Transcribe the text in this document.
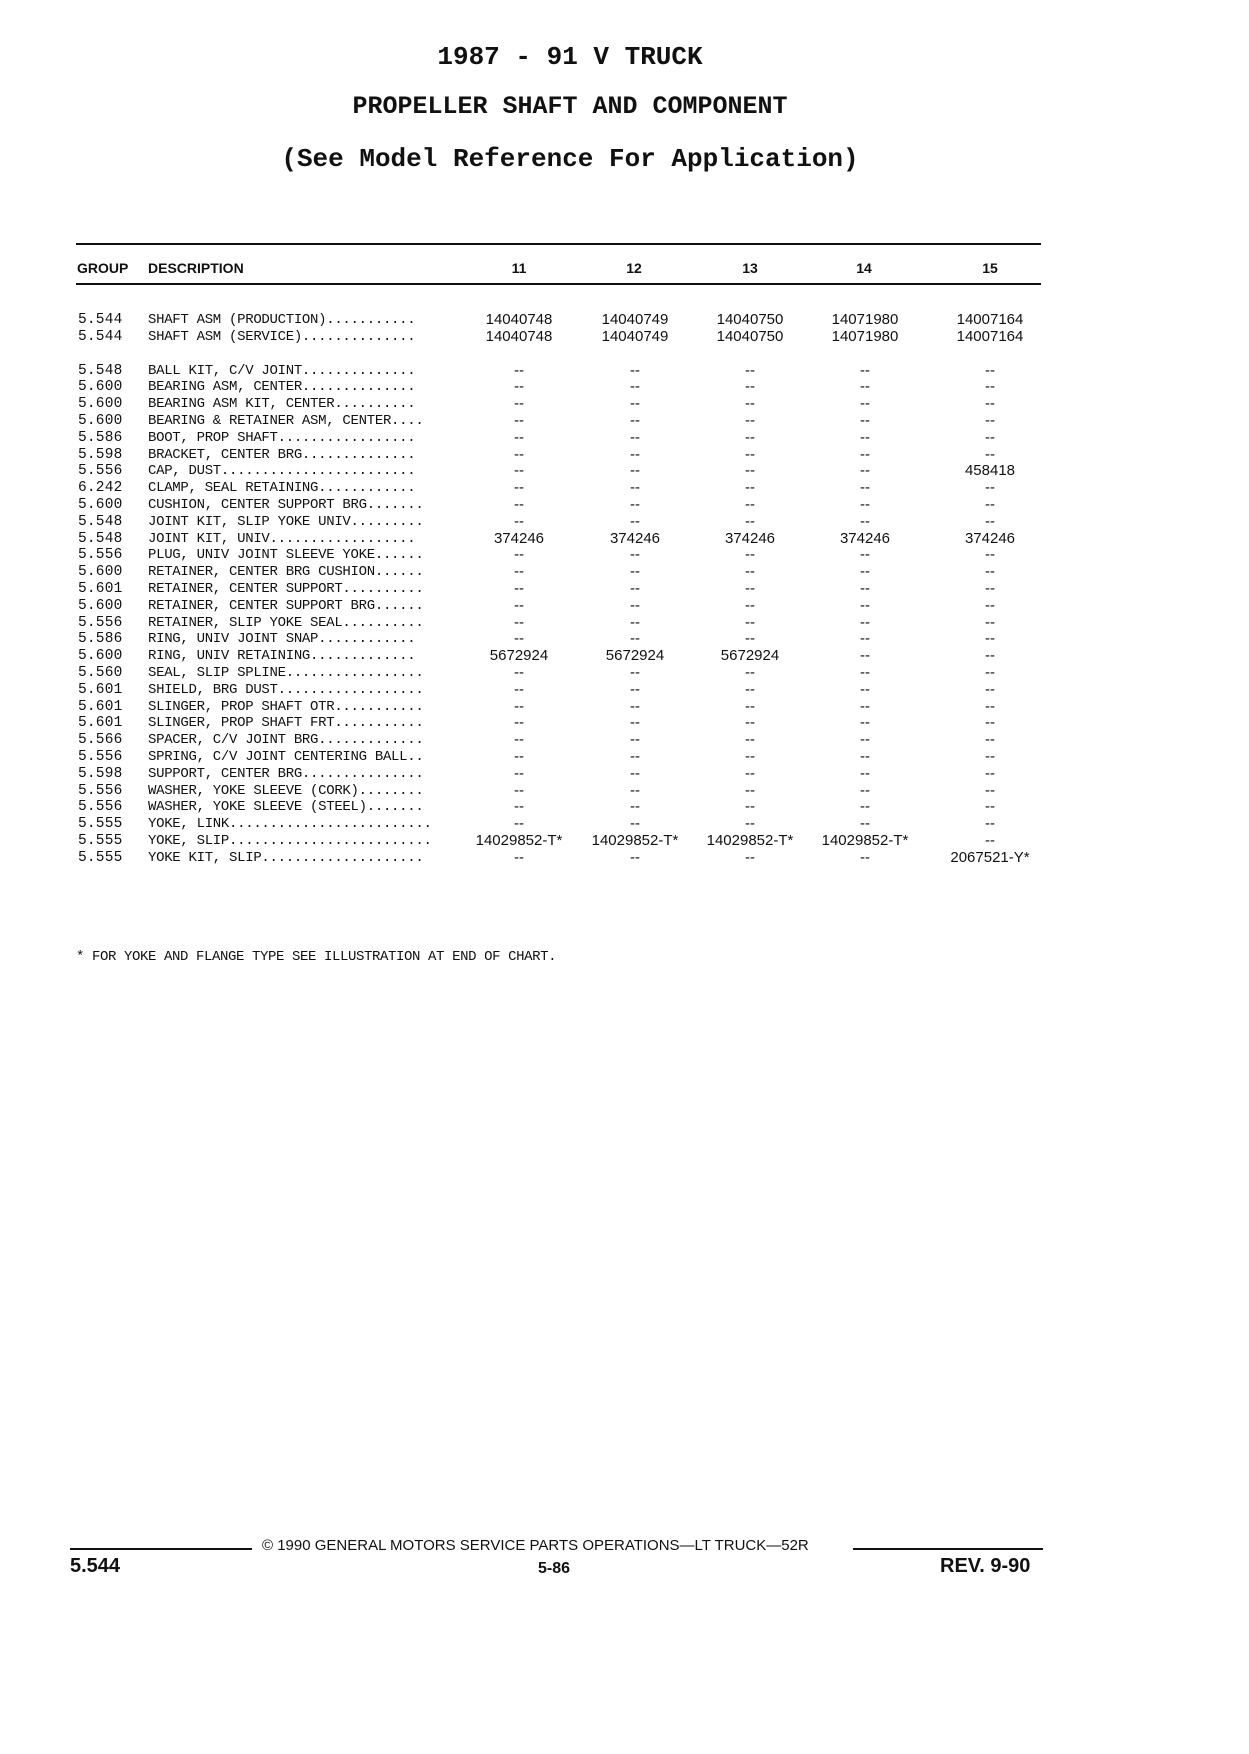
1987 - 91 V TRUCK
PROPELLER SHAFT AND COMPONENT
(See Model Reference For Application)
GROUP DESCRIPTION	11	12	13	14	15
5.544 SHAFT ASM (PRODUCTION)...........	14040748	14040749	14040750	14071980	14007164
5.544 SHAFT ASM (SERVICE)..............	14040748	14040749	14040750	14071980	14007164
5.548 BALL KIT, C/V JOINT..............	--	--	--	--	--
5.600 BEARING ASM, CENTER..............	--	--	--	--	--
5.600 BEARING ASM KIT, CENTER..........	--	--	--	--	--
5.600 BEARING & RETAINER ASM, CENTER....	--	--	--	--	--
5.586 BOOT, PROP SHAFT.................	--	--	--	--	--
5.598 BRACKET, CENTER BRG..............	--	--	--	--	--
5.556 CAP, DUST........................	--	--	--	--	458418
6.242 CLAMP, SEAL RETAINING............	--	--	--	--	--
5.600 CUSHION, CENTER SUPPORT BRG.......	--	--	--	--	--
5.548 JOINT KIT, SLIP YOKE UNIV.........	--	--	--	--	--
5.548 JOINT KIT, UNIV..................	374246	374246	374246	374246	374246
5.556 PLUG, UNIV JOINT SLEEVE YOKE......	--	--	--	--	--
5.600 RETAINER, CENTER BRG CUSHION......	--	--	--	--	--
5.601 RETAINER, CENTER SUPPORT..........	--	--	--	--	--
5.600 RETAINER, CENTER SUPPORT BRG......	--	--	--	--	--
5.556 RETAINER, SLIP YOKE SEAL..........	--	--	--	--	--
5.586 RING, UNIV JOINT SNAP............	--	--	--	--	--
5.600 RING, UNIV RETAINING.............	5672924	5672924	5672924	--	--
5.560 SEAL, SLIP SPLINE.................	--	--	--	--	--
5.601 SHIELD, BRG DUST..................	--	--	--	--	--
5.601 SLINGER, PROP SHAFT OTR...........	--	--	--	--	--
5.601 SLINGER, PROP SHAFT FRT...........	--	--	--	--	--
5.566 SPACER, C/V JOINT BRG.............	--	--	--	--	--
5.556 SPRING, C/V JOINT CENTERING BALL..	--	--	--	--	--
5.598 SUPPORT, CENTER BRG...............	--	--	--	--	--
5.556 WASHER, YOKE SLEEVE (CORK)........	--	--	--	--	--
5.556 WASHER, YOKE SLEEVE (STEEL).......	--	--	--	--	--
5.555 YOKE, LINK.........................	--	--	--	--	--
5.555 YOKE, SLIP.........................	14029852-T*	14029852-T*	14029852-T*	14029852-T*	--
5.555 YOKE KIT, SLIP....................	--	--	--	--	2067521-Y*
* FOR YOKE AND FLANGE TYPE SEE ILLUSTRATION AT END OF CHART.
© 1990 GENERAL MOTORS SERVICE PARTS OPERATIONS—LT TRUCK—52R
5.544	5-86	REV. 9-90
